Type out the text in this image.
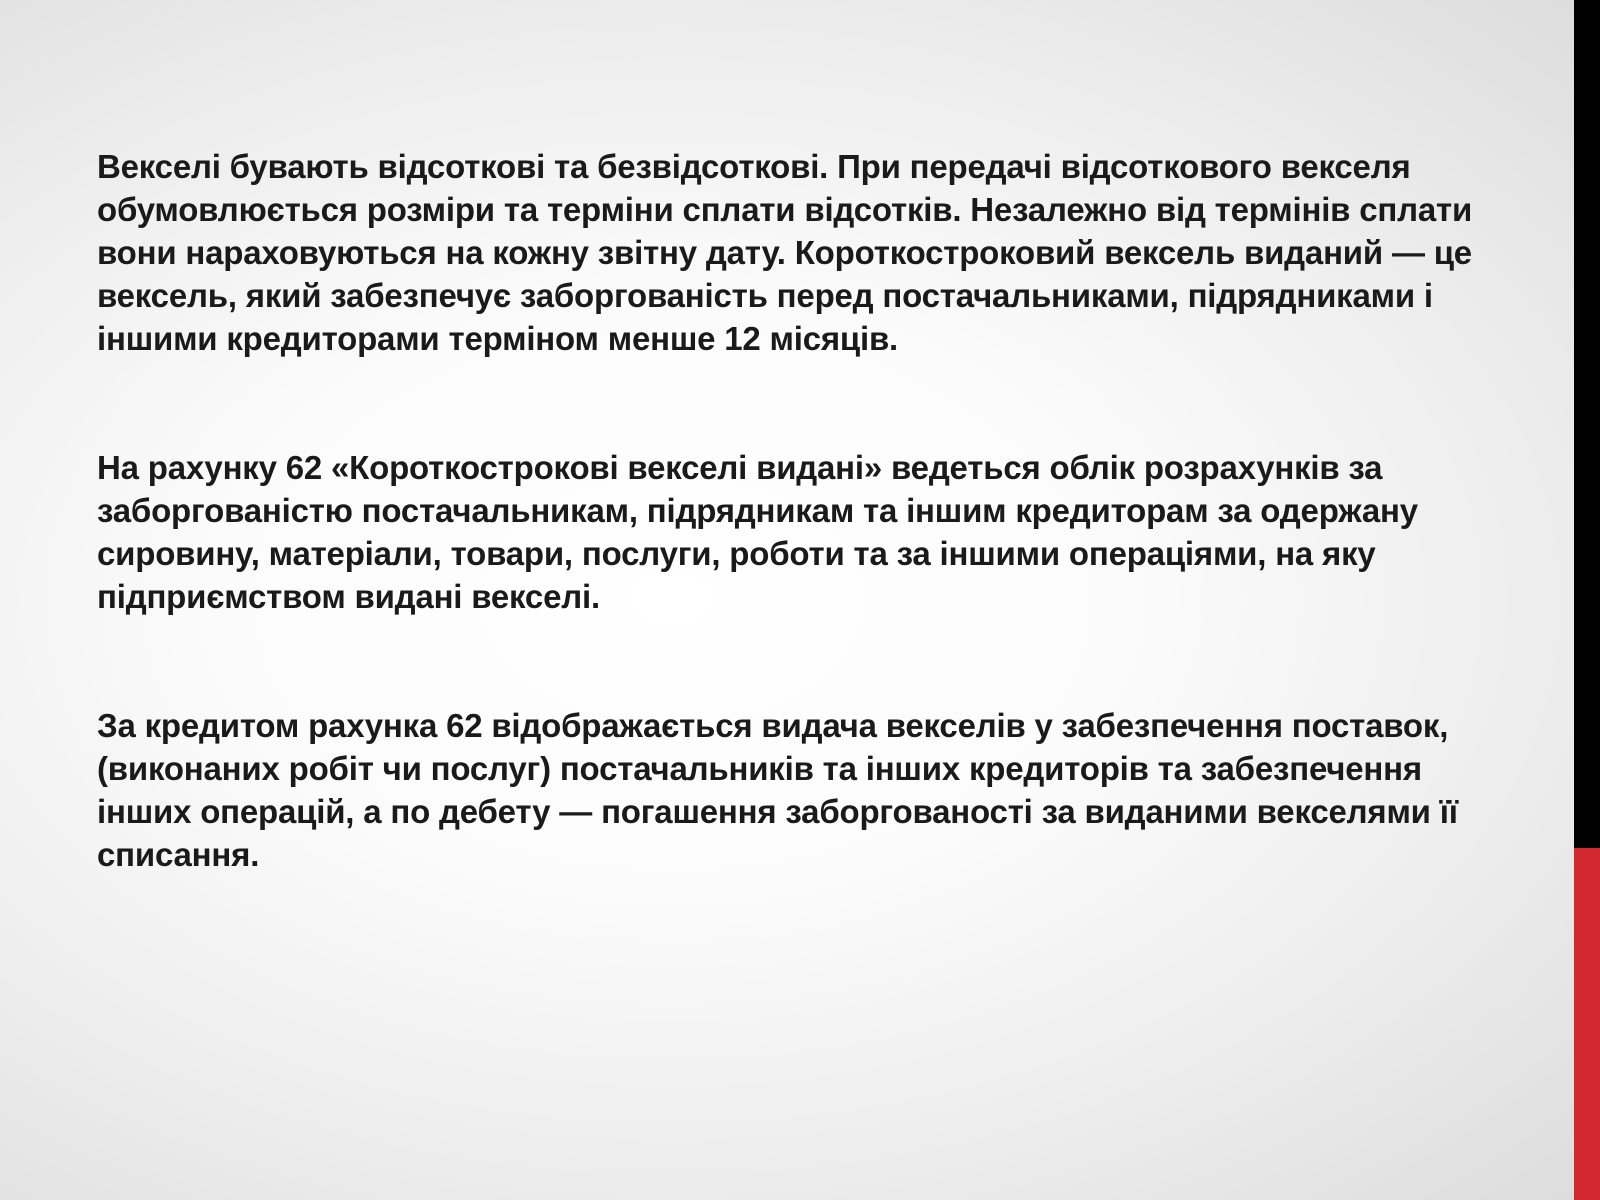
Векселі бувають відсоткові та безвідсоткові. При передачі відсоткового векселя обумовлюється розміри та терміни сплати відсотків. Незалежно від термінів сплати вони нараховуються на кожну звітну дату. Короткостроковий вексель виданий — це вексель, який забезпечує заборгованість перед постачальниками, підрядниками і іншими кредиторами терміном менше 12 місяців.

На рахунку 62 «Короткострокові векселі видані» ведеться облік розрахунків за заборгованістю постачальникам, підрядникам та іншим кредиторам за одержану сировину, матеріали, товари, послуги, роботи та за іншими операціями, на яку підприємством видані векселі.

За кредитом рахунка 62 відображається видача векселів у забезпечення поставок, (виконаних робіт чи послуг) постачальників та інших кредиторів та забезпечення інших операцій, а по дебету — погашення заборгованості за виданими векселями її списання.
